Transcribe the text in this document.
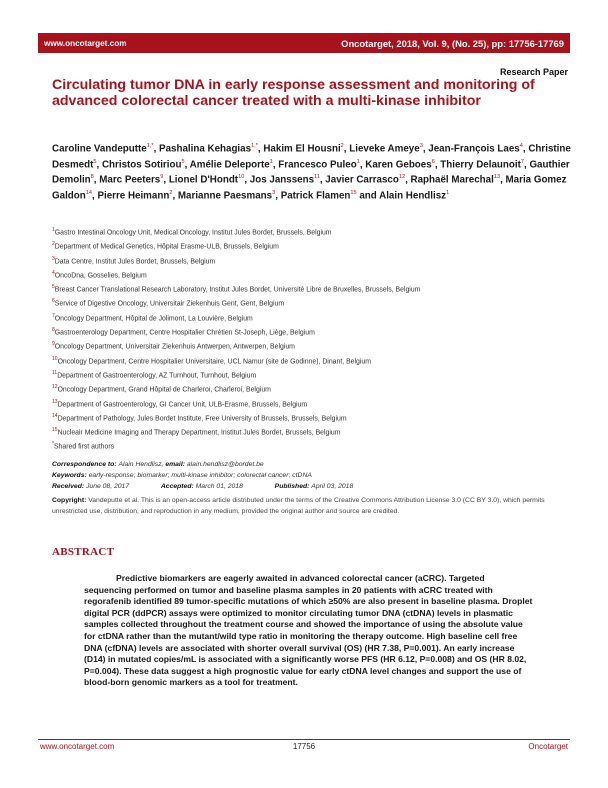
www.oncotarget.com	Oncotarget, 2018, Vol. 9, (No. 25), pp: 17756-17769
Research Paper
Circulating tumor DNA in early response assessment and monitoring of advanced colorectal cancer treated with a multi-kinase inhibitor

Caroline Vandeputte$^{1,*}$, Pashalina Kehagias$^{1,*}$, Hakim El Housni$^2$, Lieveke Ameye$^3$, Jean-François Laes$^4$, Christine Desmedt$^5$, Christos Sotiriou$^5$, Amélie Deleporte$^1$, Francesco Puleo$^1$, Karen Geboes$^6$, Thierry Delaunoit$^7$, Gauthier Demolin$^8$, Marc Peeters$^9$, Lionel D'Hondt$^{10}$, Jos Janssens$^{11}$, Javier Carrasco$^{12}$, Raphaël Marechal$^{13}$, Maria Gomez Galdon$^{14}$, Pierre Heimann$^2$, Marianne Paesmans$^3$, Patrick Flamen$^{15}$ and Alain Hendlisz$^1$

$^1$Gastro Intestinal Oncology Unit, Medical Oncology, Institut Jules Bordet, Brussels, Belgium
$^2$Department of Medical Genetics, Hôpital Erasme-ULB, Brussels, Belgium
$^3$Data Centre, Institut Jules Bordet, Brussels, Belgium
$^4$OncoDna, Gosselies, Belgium
$^5$Breast Cancer Translational Research Laboratory, Institut Jules Bordet, Université Libre de Bruxelles, Brussels, Belgium
$^6$Service of Digestive Oncology, Universitair Ziekenhuis Gent, Gent, Belgium
$^7$Oncology Department, Hôpital de Jolimont, La Louvière, Belgium
$^8$Gastroenterology Department, Centre Hospitalier Chrétien St-Joseph, Liège, Belgium
$^9$Oncology Department, Universitair Ziekenhuis Antwerpen, Antwerpen, Belgium
$^{10}$Oncology Department, Centre Hospitalier Universitaire, UCL Namur (site de Godinne), Dinant, Belgium
$^{11}$Department of Gastroenterology, AZ Turnhout, Turnhout, Belgium
$^{12}$Oncology Department, Grand Hôpital de Charleroi, Charleroi, Belgium
$^{13}$Department of Gastroenterology, GI Cancer Unit, ULB-Erasme, Brussels, Belgium
$^{14}$Department of Pathology, Jules Bordet Institute, Free University of Brussels, Brussels, Belgium
$^{15}$Nucleair Medicine Imaging and Therapy Department, Institut Jules Bordet, Brussels, Belgium
*Shared first authors
Correspondence to: Alain Hendlisz, email: alain.hendlisz@bordet.be
Keywords: early-response; biomarker; multi-kinase inhibitor; colorectal cancer; ctDNA
Received: June 08, 2017	Accepted: March 01, 2018	Published: April 03, 2018

Copyright: Vandeputte et al. This is an open-access article distributed under the terms of the Creative Commons Attribution License 3.0 (CC BY 3.0), which permits unrestricted use, distribution, and reproduction in any medium, provided the original author and source are credited.

ABSTRACT

Predictive biomarkers are eagerly awaited in advanced colorectal cancer (aCRC). Targeted sequencing performed on tumor and baseline plasma samples in 20 patients with aCRC treated with regorafenib identified 89 tumor-specific mutations of which ≥50% are also present in baseline plasma. Droplet digital PCR (ddPCR) assays were optimized to monitor circulating tumor DNA (ctDNA) levels in plasmatic samples collected throughout the treatment course and showed the importance of using the absolute value for ctDNA rather than the mutant/wild type ratio in monitoring the therapy outcome. High baseline cell free DNA (cfDNA) levels are associated with shorter overall survival (OS) (HR 7.38, P=0.001). An early increase (D14) in mutated copies/mL is associated with a significantly worse PFS (HR 6.12, P=0.008) and OS (HR 8.02, P=0.004). These data suggest a high prognostic value for early ctDNA level changes and support the use of blood-born genomic markers as a tool for treatment.

www.oncotarget.com	17756	Oncotarget
